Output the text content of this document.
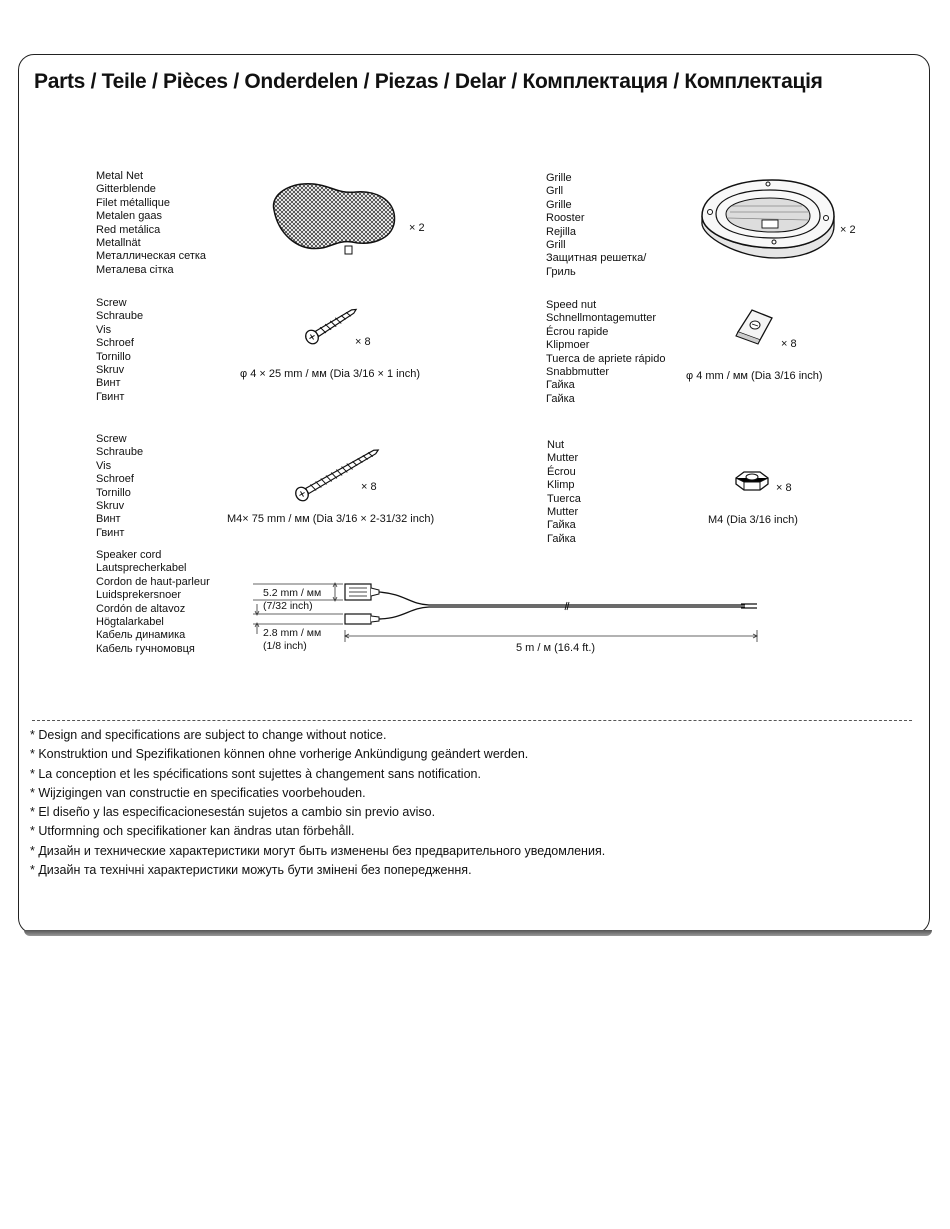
Parts / Teile / Pièces / Onderdelen / Piezas / Delar / Комплектация / Комплектація
Metal Net
Gitterblende
Filet métallique
Metalen gaas
Red metálica
Metallnät
Металлическая сетка
Металева сітка
× 2
Grille
Grll
Grille
Rooster
Rejilla
Grill
Защитная решетка/
Гриль
× 2
Screw
Schraube
Vis
Schroef
Tornillo
Skruv
Винт
Гвинт
× 8
φ 4 × 25 mm / мм (Dia 3/16 × 1 inch)
Speed nut
Schnellmontagemutter
Écrou rapide
Klipmoer
Tuerca de apriete rápido
Snabbmutter
Гайка
Гайка
× 8
φ 4 mm / мм (Dia 3/16 inch)
Screw
Schraube
Vis
Schroef
Tornillo
Skruv
Винт
Гвинт
× 8
M4× 75 mm / мм (Dia 3/16 × 2-31/32 inch)
Nut
Mutter
Écrou
Klimp
Tuerca
Mutter
Гайка
Гайка
× 8
M4 (Dia 3/16 inch)
Speaker cord
Lautsprecherkabel
Cordon de haut-parleur
Luidsprekersnoer
Cordón de altavoz
Högtalarkabel
Кабель динамика
Кабель гучномовця
5.2 mm / мм
(7/32 inch)
2.8 mm / мм
(1/8 inch)	5 m / м (16.4 ft.)
* Design and specifications are subject to change without notice.
* Konstruktion und Spezifikationen können ohne vorherige Ankündigung geändert werden.
* La conception et les spécifications sont sujettes à changement sans notification.
* Wijzigingen van constructie en specificaties voorbehouden.
* El diseño y las especificacionesestán sujetos a cambio sin previo aviso.
* Utformning och specifikationer kan ändras utan förbehåll.
* Дизайн и технические характеристики могут быть изменены без предварительного уведомления.
* Дизайн та технічні характеристики можуть бути змінені без попередження.
